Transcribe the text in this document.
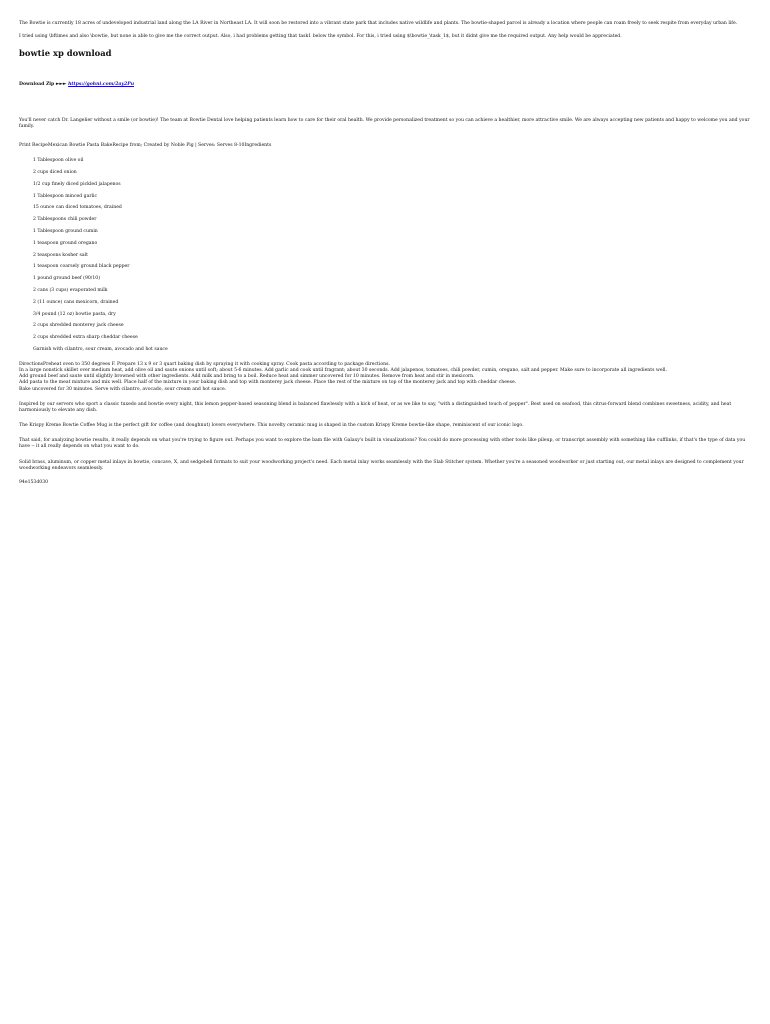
The Bowtie is currently 18 acres of undeveloped industrial land along the LA River in Northeast LA. It will soon be restored into a vibrant state park that includes native wildlife and plants. The bowtie-shaped parcel is already a location where people can roam freely to seek respite from everyday urban life.

I tried using \bftimes and also \bowtie, but none is able to give me the correct output. Also, i had problems getting that task1 below the symbol. For this, i tried using $\bowtie_\task_1$, but it didnt give me the required output. Any help would be appreciated.

bowtie xp download

Download Zip ►►► https://gohni.com/2ay2Pu

You'll never catch Dr. Langelier without a smile (or bowtie)! The team at Bowtie Dental love helping patients learn how to care for their oral health. We provide personalized treatment so you can achieve a healthier, more attractive smile. We are always accepting new patients and happy to welcome you and your family.

Print RecipeMexican Bowtie Pasta BakeRecipe from; Created by Noble Pig | Serves: Serves 8-10Ingredients

1 Tablespoon olive oil
2 cups diced onion
1/2 cup finely diced pickled jalapenos
1 Tablespoon minced garlic
15 ounce can diced tomatoes, drained
2 Tablespoons chili powder
1 Tablespoon ground cumin
1 teaspoon ground oregano
2 teaspoons kosher salt
1 teaspoon coarsely ground black pepper
1 pound ground beef (90/10)
2 cans (3 cups) evaporated milk
2 (11 ounce) cans mexicorn, drained
3/4 pound (12 oz) bowtie pasta, dry
2 cups shredded monterey jack cheese
2 cups shredded extra sharp cheddar cheese
Garnish with cilantro, sour cream, avocado and hot sauce

DirectionsPreheat oven to 350 degrees F. Prepare 13 x 9 or 3 quart baking dish by spraying it with cooking spray. Cook pasta according to package directions.

In a large nonstick skillet over medium heat, add olive oil and saute onions until soft; about 5-6 minutes. Add garlic and cook until fragrant; about 30 seconds. Add jalapenos, tomatoes, chili powder, cumin, oregano, salt and pepper. Make sure to incorporate all ingredients well.

Add ground beef and saute until slightly browned with other ingredients. Add milk and bring to a boil. Reduce heat and simmer uncovered for 10 minutes. Remove from heat and stir in mexicorn.

Add pasta to the meat mixture and mix well. Place half of the mixture in your baking dish and top with monterey jack cheese. Place the rest of the mixture on top of the monterey jack and top with cheddar cheese.

Bake uncovered for 30 minutes. Serve with cilantro, avocado, sour cream and hot sauce.

Inspired by our servers who sport a classic tuxedo and bowtie every night, this lemon pepper-based seasoning blend is balanced flawlessly with a kick of heat, or as we like to say, "with a distinguished touch of pepper". Best used on seafood, this citrus-forward blend combines sweetness, acidity, and heat harmoniously to elevate any dish.

The Krispy Kreme Bowtie Coffee Mug is the perfect gift for coffee (and doughnut) lovers everywhere. This novelty ceramic mug is shaped in the custom Krispy Kreme bowtie-like shape, reminiscent of our iconic logo.

That said, for analyzing bowtie results, it really depends on what you're trying to figure out. Perhaps you want to explore the bam file with Galaxy's built in visualizations? You could do more processing with other tools like pileup, or transcript assembly with something like cufflinks, if that's the type of data you have -- it all really depends on what you want to do.

Solid brass, aluminum, or copper metal inlays in bowtie, concave, X, and sedgebell formats to suit your woodworking project's need. Each metal inlay works seamlessly with the Slab Stitcher system. Whether you're a seasoned woodworker or just starting out, our metal inlays are designed to complement your woodworking endeavors seamlessly.

94e153d030
